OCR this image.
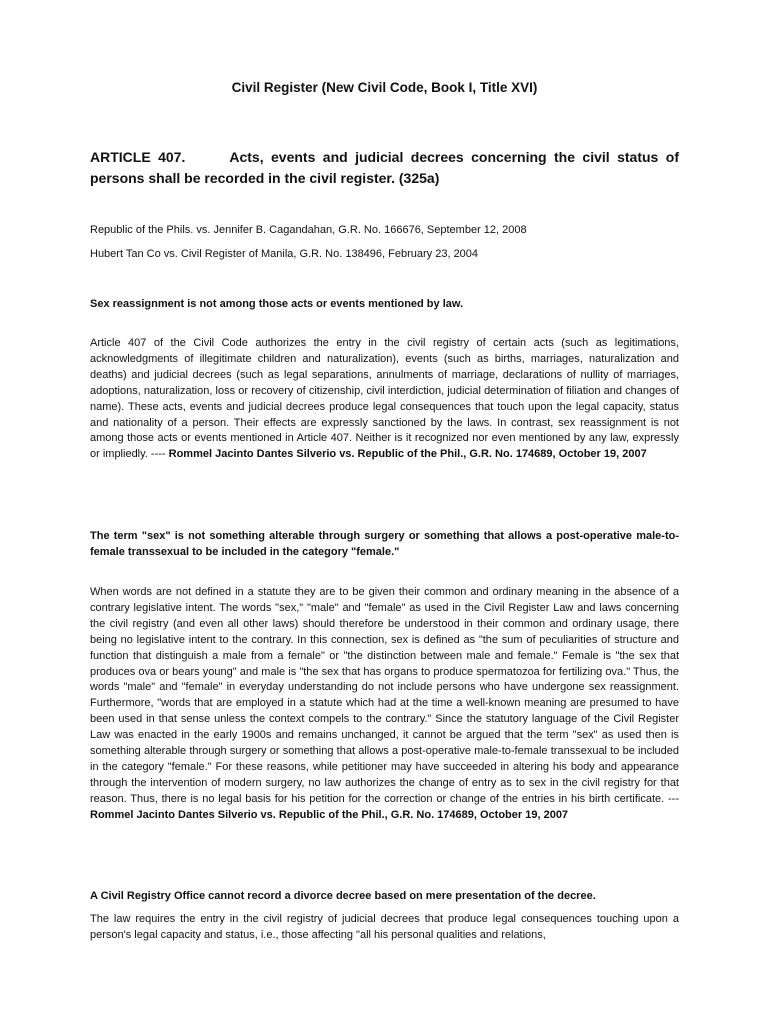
Civil Register (New Civil Code, Book I, Title XVI)
ARTICLE 407.	Acts, events and judicial decrees concerning the civil status of persons shall be recorded in the civil register. (325a)

Republic of the Phils. vs. Jennifer B. Cagandahan, G.R. No. 166676, September 12, 2008

Hubert Tan Co vs. Civil Register of Manila, G.R. No. 138496, February 23, 2004

Sex reassignment is not among those acts or events mentioned by law.

Article 407 of the Civil Code authorizes the entry in the civil registry of certain acts (such as legitimations, acknowledgments of illegitimate children and naturalization), events (such as births, marriages, naturalization and deaths) and judicial decrees (such as legal separations, annulments of marriage, declarations of nullity of marriages, adoptions, naturalization, loss or recovery of citizenship, civil interdiction, judicial determination of filiation and changes of name). These acts, events and judicial decrees produce legal consequences that touch upon the legal capacity, status and nationality of a person. Their effects are expressly sanctioned by the laws. In contrast, sex reassignment is not among those acts or events mentioned in Article 407. Neither is it recognized nor even mentioned by any law, expressly or impliedly. ---- Rommel Jacinto Dantes Silverio vs. Republic of the Phil., G.R. No. 174689, October 19, 2007

The term "sex" is not something alterable through surgery or something that allows a post-operative male-to-female transsexual to be included in the category "female."

When words are not defined in a statute they are to be given their common and ordinary meaning in the absence of a contrary legislative intent. The words "sex," "male" and "female" as used in the Civil Register Law and laws concerning the civil registry (and even all other laws) should therefore be understood in their common and ordinary usage, there being no legislative intent to the contrary. In this connection, sex is defined as "the sum of peculiarities of structure and function that distinguish a male from a female" or "the distinction between male and female." Female is "the sex that produces ova or bears young" and male is "the sex that has organs to produce spermatozoa for fertilizing ova." Thus, the words "male" and "female" in everyday understanding do not include persons who have undergone sex reassignment. Furthermore, "words that are employed in a statute which had at the time a well-known meaning are presumed to have been used in that sense unless the context compels to the contrary." Since the statutory language of the Civil Register Law was enacted in the early 1900s and remains unchanged, it cannot be argued that the term "sex" as used then is something alterable through surgery or something that allows a post-operative male-to-female transsexual to be included in the category "female." For these reasons, while petitioner may have succeeded in altering his body and appearance through the intervention of modern surgery, no law authorizes the change of entry as to sex in the civil registry for that reason. Thus, there is no legal basis for his petition for the correction or change of the entries in his birth certificate. --- Rommel Jacinto Dantes Silverio vs. Republic of the Phil., G.R. No. 174689, October 19, 2007

A Civil Registry Office cannot record a divorce decree based on mere presentation of the decree.

The law requires the entry in the civil registry of judicial decrees that produce legal consequences touching upon a person's legal capacity and status, i.e., those affecting "all his personal qualities and relations,
